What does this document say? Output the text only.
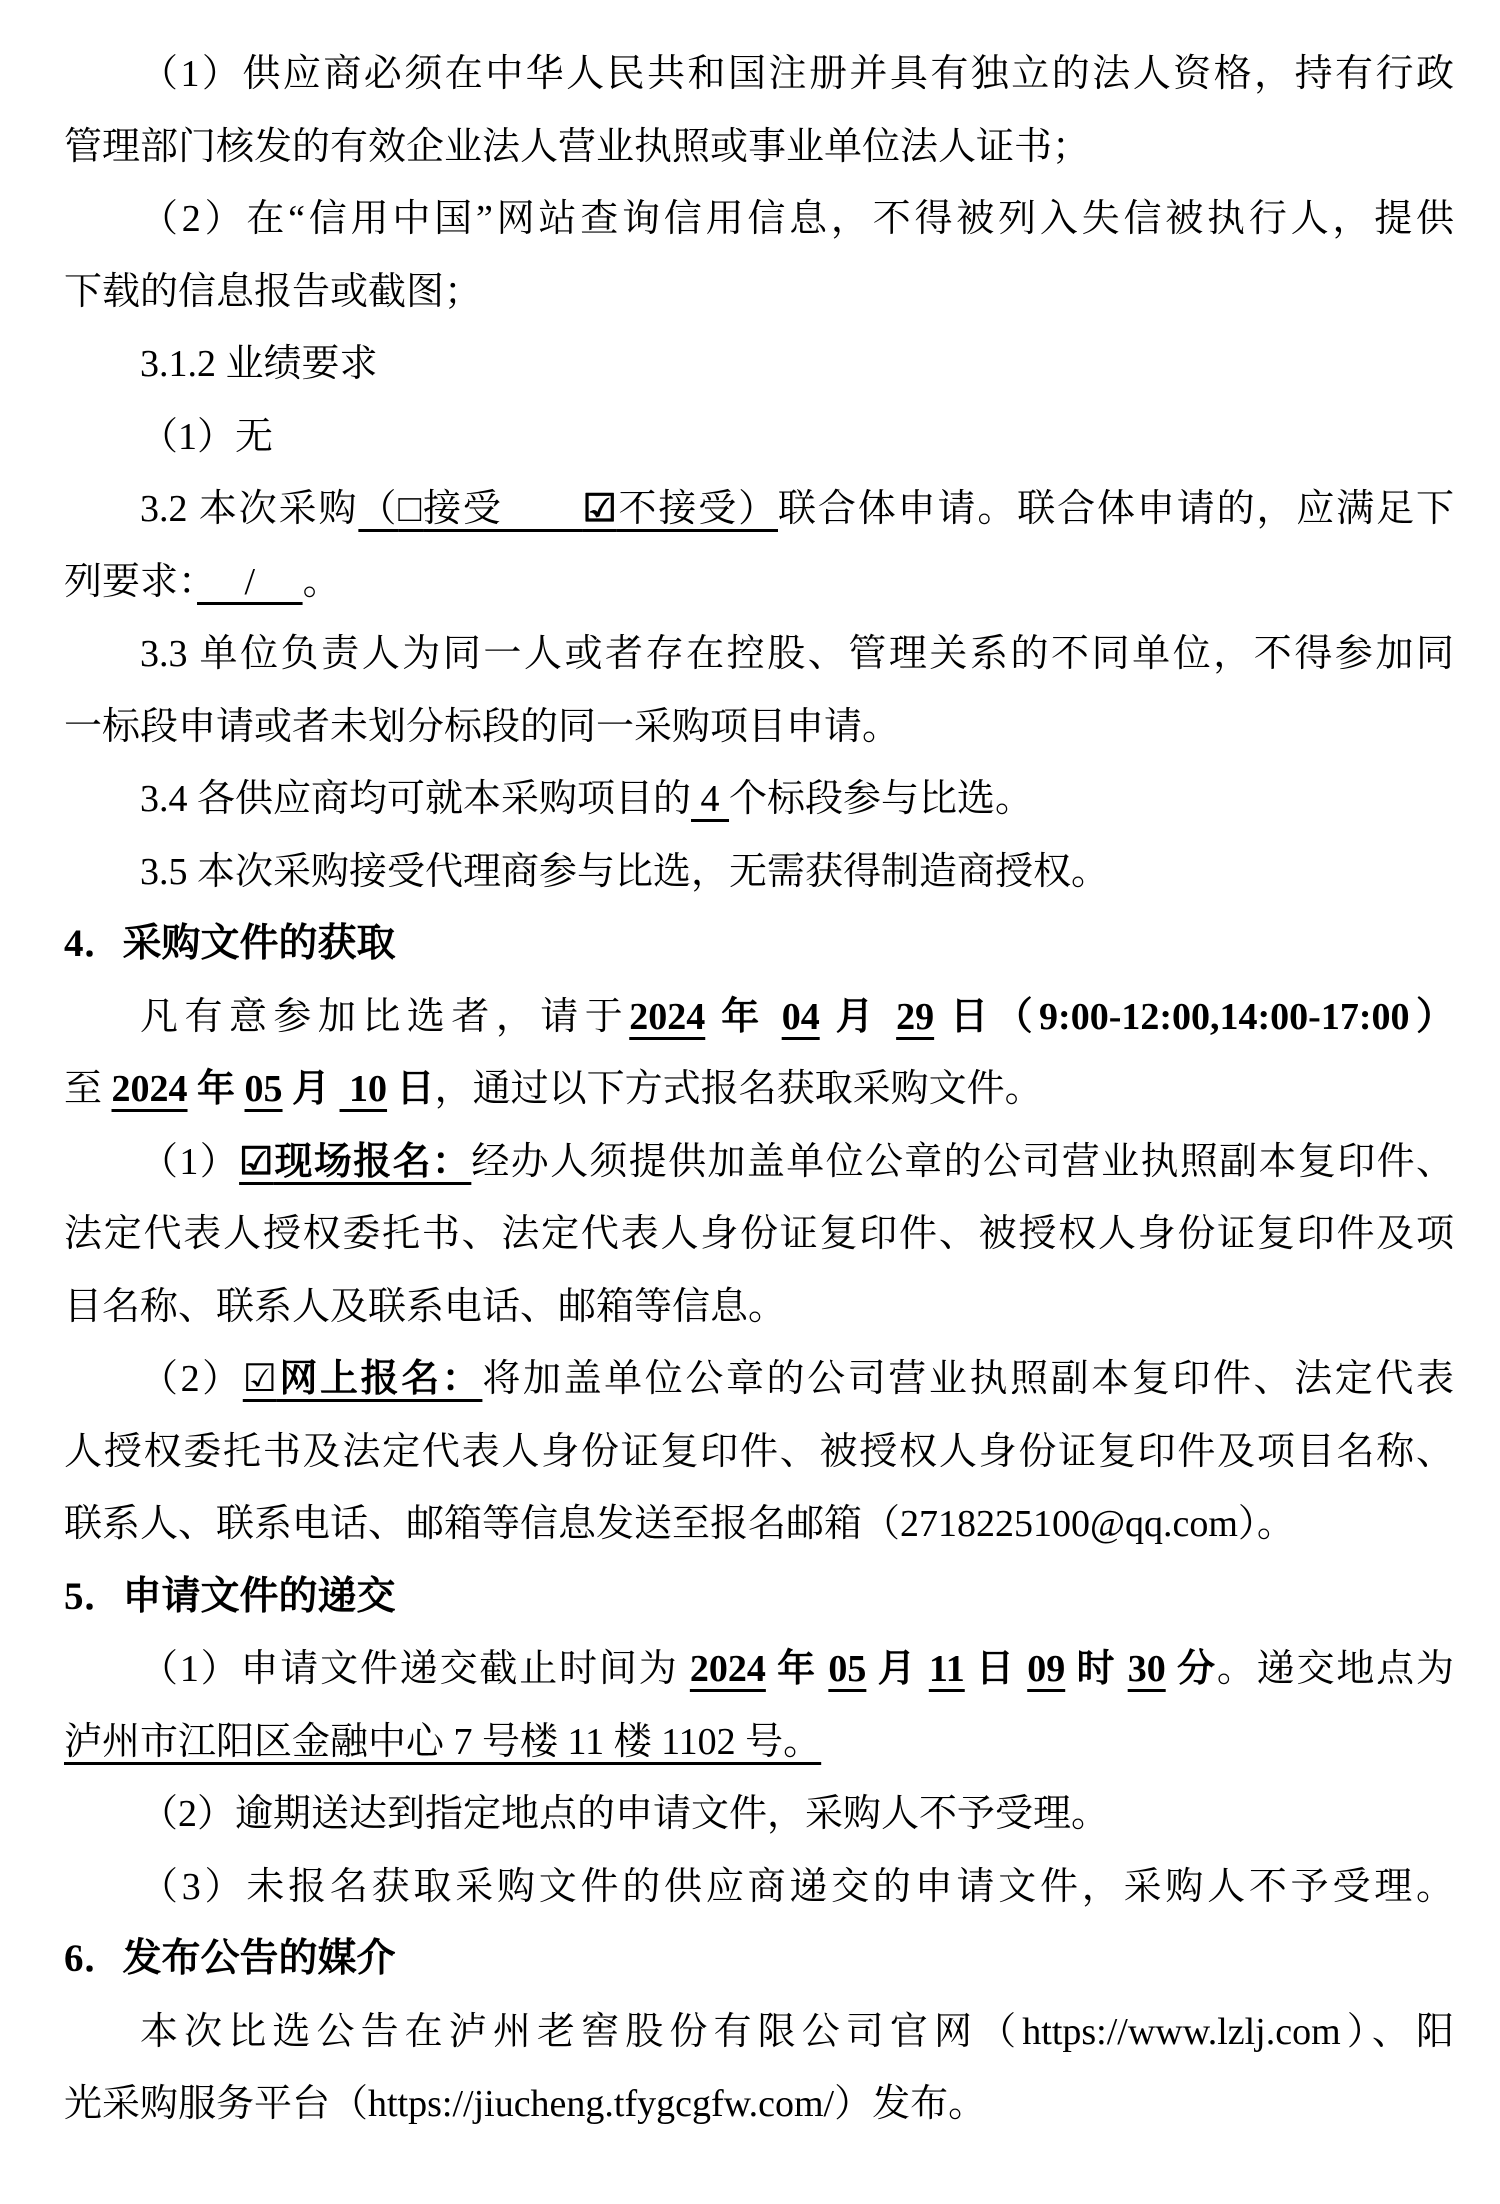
（1）供应商必须在中华人民共和国注册并具有独立的法人资格，持有行政
管理部门核发的有效企业法人营业执照或事业单位法人证书；
（2）在“信用中国”网站查询信用信息，不得被列入失信被执行人，提供
下载的信息报告或截图；
3.1.2 业绩要求
（1）无
3.2 本次采购（□接受　　☑不接受）联合体申请。联合体申请的，应满足下
列要求：　 / 　。
3.3 单位负责人为同一人或者存在控股、管理关系的不同单位，不得参加同
一标段申请或者未划分标段的同一采购项目申请。
3.4 各供应商均可就本采购项目的 4 个标段参与比选。
3.5 本次采购接受代理商参与比选，无需获得制造商授权。
4．采购文件的获取
凡有意参加比选者，请于2024 年 04 月 29 日（9:00-12:00,14:00-17:00）
至 2024 年 05 月  10 日，通过以下方式报名获取采购文件。
（1）☑现场报名：经办人须提供加盖单位公章的公司营业执照副本复印件、
法定代表人授权委托书、法定代表人身份证复印件、被授权人身份证复印件及项
目名称、联系人及联系电话、邮箱等信息。
（2）☑网上报名：将加盖单位公章的公司营业执照副本复印件、法定代表
人授权委托书及法定代表人身份证复印件、被授权人身份证复印件及项目名称、
联系人、联系电话、邮箱等信息发送至报名邮箱（2718225100@qq.com）。
5．申请文件的递交
（1）申请文件递交截止时间为 2024 年 05 月 11 日 09 时 30 分。递交地点为
泸州市江阳区金融中心 7 号楼 11 楼 1102 号。
（2）逾期送达到指定地点的申请文件，采购人不予受理。
（3）未报名获取采购文件的供应商递交的申请文件，采购人不予受理。
6．发布公告的媒介
本次比选公告在泸州老窖股份有限公司官网（https://www.lzlj.com）、阳
光采购服务平台（https://jiucheng.tfygcgfw.com/）发布。
